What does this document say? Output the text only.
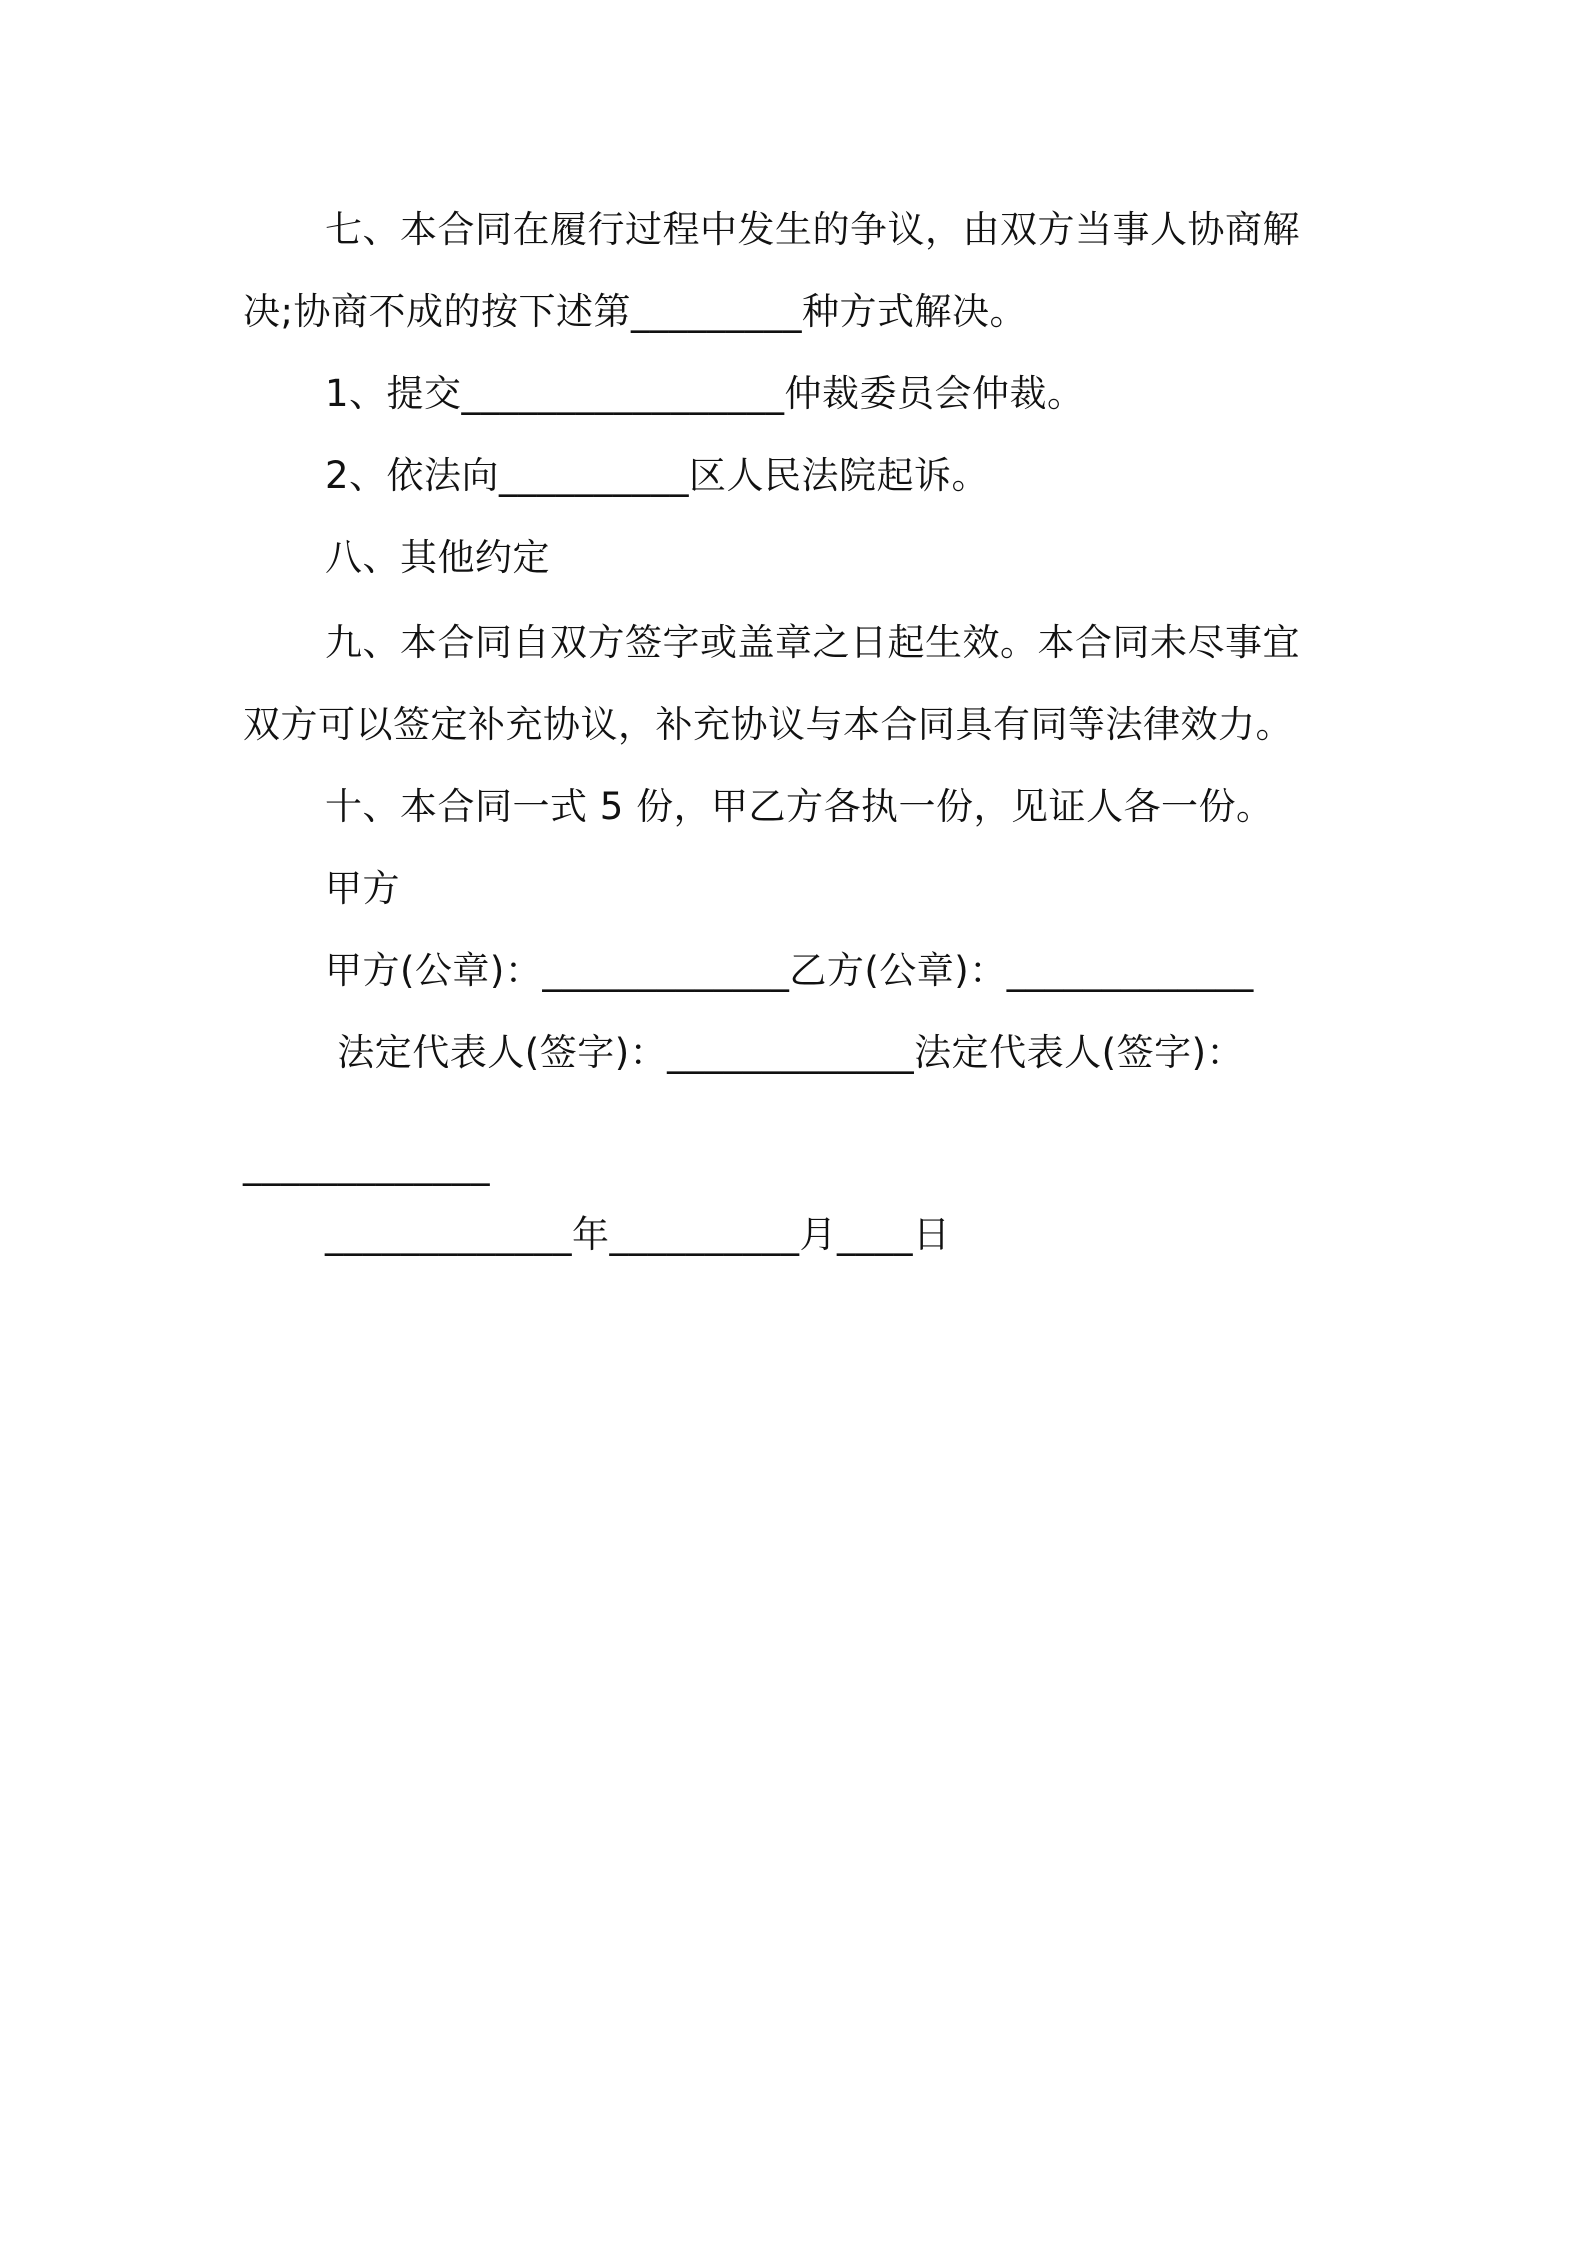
七、本合同在履行过程中发生的争议，由双方当事人协商解
决;协商不成的按下述第_________种方式解决。
1、提交_________________仲裁委员会仲裁。
2、依法向__________区人民法院起诉。
八、其他约定
九、本合同自双方签字或盖章之日起生效。本合同未尽事宜
双方可以签定补充协议，补充协议与本合同具有同等法律效力。
十、本合同一式 5 份，甲乙方各执一份，见证人各一份。
甲方
甲方(公章)：_____________乙方(公章)：_____________
法定代表人(签字)：_____________法定代表人(签字)：
_____________
_____________年__________月____日
